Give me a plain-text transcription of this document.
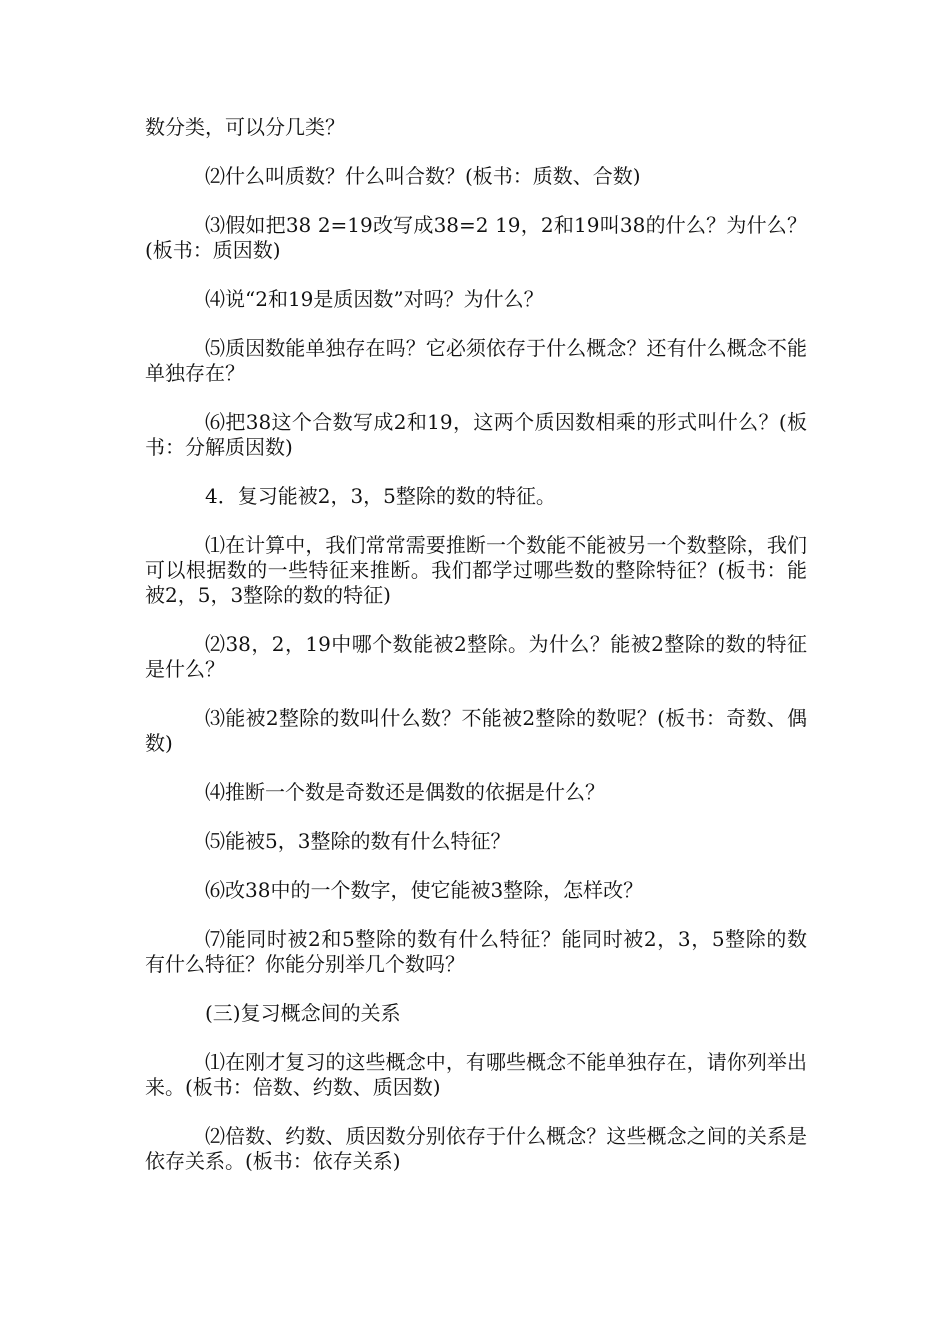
数分类，可以分几类？

⑵什么叫质数？什么叫合数？(板书：质数、合数)

⑶假如把38 2=19改写成38=2 19，2和19叫38的什么？为什么？(板书：质因数)

⑷说“2和19是质因数”对吗？为什么？

⑸质因数能单独存在吗？它必须依存于什么概念？还有什么概念不能单独存在？

⑹把38这个合数写成2和19，这两个质因数相乘的形式叫什么？(板书：分解质因数)

4．复习能被2，3，5整除的数的特征。

⑴在计算中，我们常常需要推断一个数能不能被另一个数整除，我们可以根据数的一些特征来推断。我们都学过哪些数的整除特征？(板书：能被2，5，3整除的数的特征)

⑵38，2，19中哪个数能被2整除。为什么？能被2整除的数的特征是什么？

⑶能被2整除的数叫什么数？不能被2整除的数呢？(板书：奇数、偶数)

⑷推断一个数是奇数还是偶数的依据是什么？

⑸能被5，3整除的数有什么特征？

⑹改38中的一个数字，使它能被3整除，怎样改？

⑺能同时被2和5整除的数有什么特征？能同时被2，3，5整除的数有什么特征？你能分别举几个数吗？

(三)复习概念间的关系

⑴在刚才复习的这些概念中，有哪些概念不能单独存在，请你列举出来。(板书：倍数、约数、质因数)

⑵倍数、约数、质因数分别依存于什么概念？这些概念之间的关系是依存关系。(板书：依存关系)
